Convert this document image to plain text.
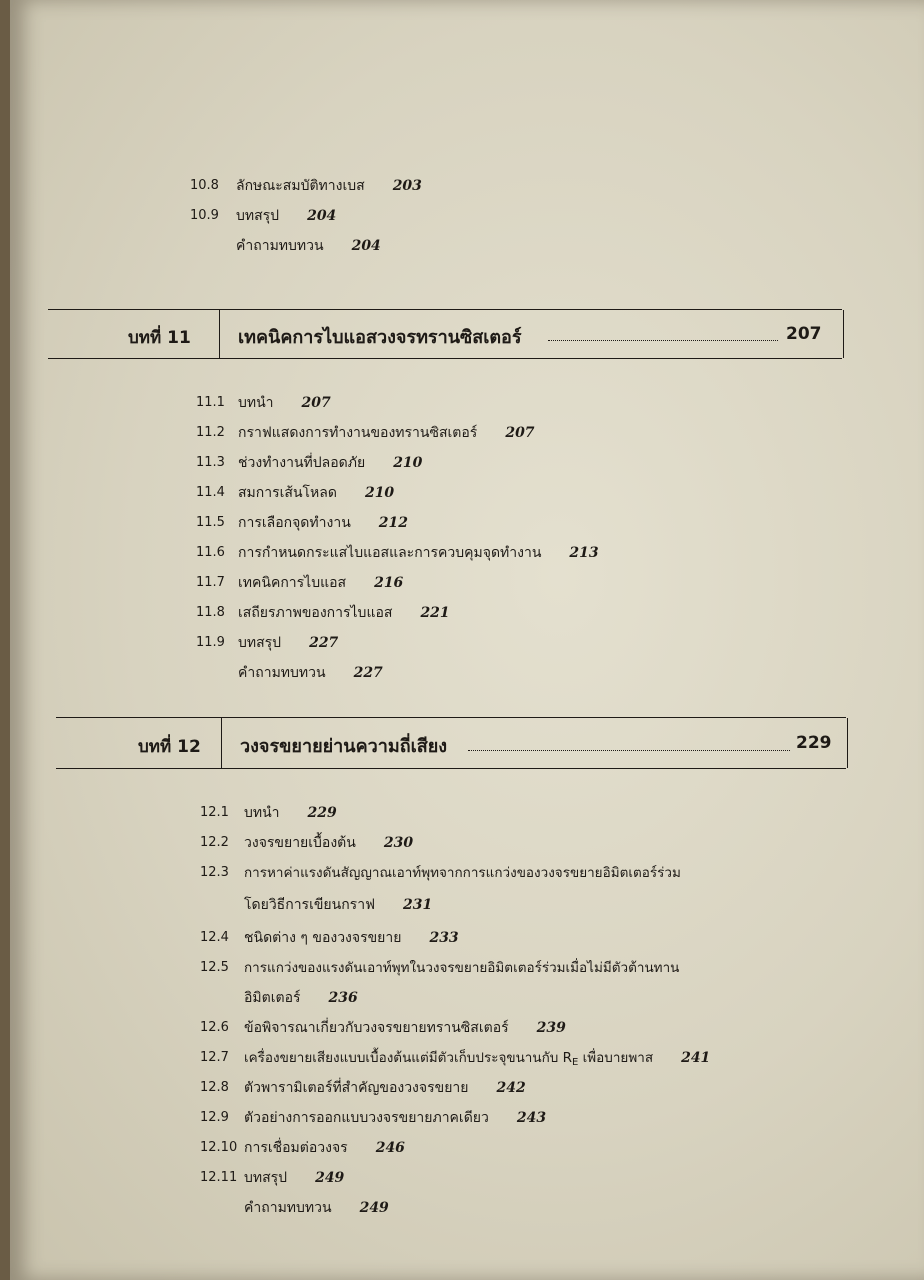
10.8 ลักษณะสมบัติทางเบส 203
10.9 บทสรุป 204
คำถามทบทวน 204
บทที่ 11	เทคนิคการไบแอสวงจรทรานซิสเตอร์	207
11.1 บทนำ 207
11.2 กราฟแสดงการทำงานของทรานซิสเตอร์ 207
11.3 ช่วงทำงานที่ปลอดภัย 210
11.4 สมการเส้นโหลด 210
11.5 การเลือกจุดทำงาน 212
11.6 การกำหนดกระแสไบแอสและการควบคุมจุดทำงาน 213
11.7 เทคนิคการไบแอส 216
11.8 เสถียรภาพของการไบแอส 221
11.9 บทสรุป 227
คำถามทบทวน 227
บทที่ 12 วงจรขยายย่านความถี่เสียง	229
12.1 บทนำ 229
12.2 วงจรขยายเบื้องต้น 230
12.3 การหาค่าแรงดันสัญญาณเอาท์พุทจากการแกว่งของวงจรขยายอิมิตเตอร์ร่วม
โดยวิธีการเขียนกราฟ 231
12.4 ชนิดต่าง ๆ ของวงจรขยาย 233
12.5 การแกว่งของแรงดันเอาท์พุทในวงจรขยายอิมิตเตอร์ร่วมเมื่อไม่มีตัวต้านทาน
อิมิตเตอร์ 236
12.6 ข้อพิจารณาเกี่ยวกับวงจรขยายทรานซิสเตอร์ 239
12.7 เครื่องขยายเสียงแบบเบื้องต้นแต่มีตัวเก็บประจุขนานกับ $R_E$ เพื่อบายพาส 241
12.8 ตัวพารามิเตอร์ที่สำคัญของวงจรขยาย 242
12.9 ตัวอย่างการออกแบบวงจรขยายภาคเดียว 243
12.10 การเชื่อมต่อวงจร 246
12.11 บทสรุป 249
คำถามทบทวน 249
